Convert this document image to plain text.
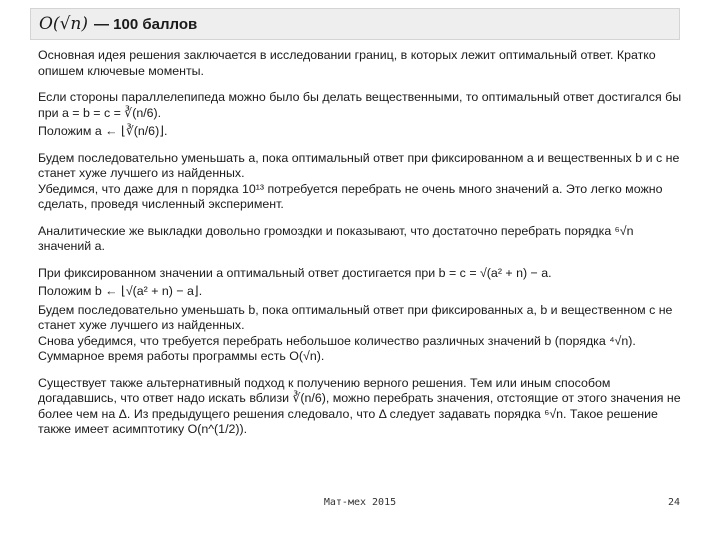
O(√n) — 100 баллов

Основная идея решения заключается в исследовании границ, в которых лежит оптимальный ответ. Кратко опишем ключевые моменты.

Если стороны параллелепипеда можно было бы делать вещественными, то оптимальный ответ достигался бы при a = b = c = ∛(n/6).

Положим a ← ⌊∛(n/6)⌋.

Будем последовательно уменьшать a, пока оптимальный ответ при фиксированном a и вещественных b и c не станет хуже лучшего из найденных.

Убедимся, что даже для n порядка 10¹³ потребуется перебрать не очень много значений a. Это легко можно сделать, проведя численный эксперимент.

Аналитические же выкладки довольно громоздки и показывают, что достаточно перебрать порядка ⁶√n значений a.

При фиксированном значении a оптимальный ответ достигается при b = c = √(a² + n) − a.

Положим b ← ⌊√(a² + n) − a⌋.

Будем последовательно уменьшать b, пока оптимальный ответ при фиксированных a, b и вещественном c не станет хуже лучшего из найденных.

Снова убедимся, что требуется перебрать небольшое количество различных значений b (порядка ⁴√n).

Суммарное время работы программы есть O(√n).

Существует также альтернативный подход к получению верного решения. Тем или иным способом догадавшись, что ответ надо искать вблизи ∛(n/6), можно перебрать значения, отстоящие от этого значения не более чем на Δ. Из предыдущего решения следовало, что Δ следует задавать порядка ⁶√n. Такое решение также имеет асимптотику O(n^(1/2)).

Мат-мех 2015	24
